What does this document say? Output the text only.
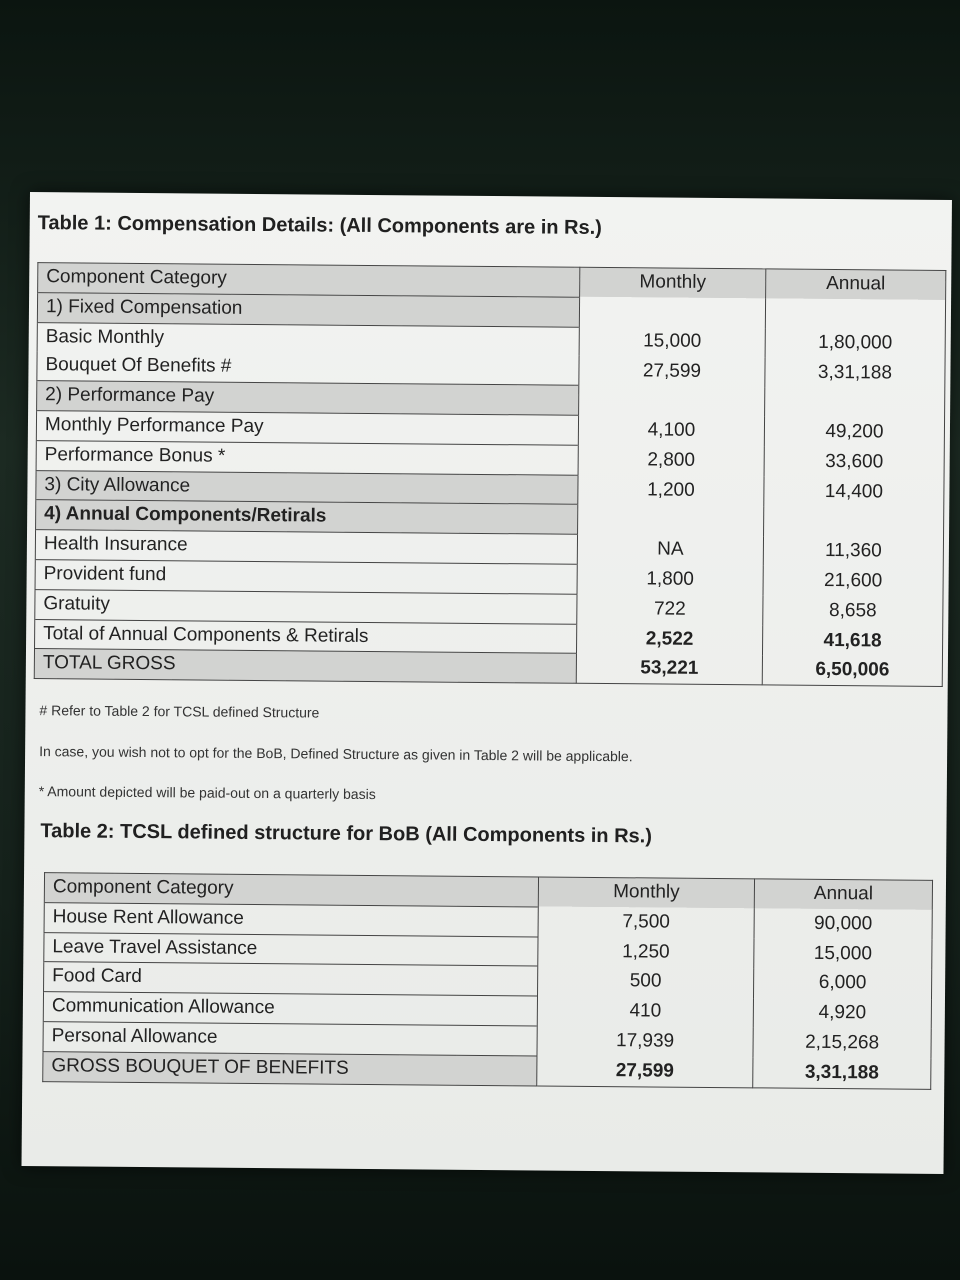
Table 1: Compensation Details: (All Components are in Rs.)
Component Category	Monthly	Annual
1) Fixed Compensation		
Basic Monthly	15,000	1,80,000
Bouquet Of Benefits #	27,599	3,31,188
2) Performance Pay		
Monthly Performance Pay	4,100	49,200
Performance Bonus *	2,800	33,600
3) City Allowance	1,200	14,400
4) Annual Components/Retirals		
Health Insurance	NA	11,360
Provident fund	1,800	21,600
Gratuity	722	8,658
Total of Annual Components & Retirals	2,522	41,618
TOTAL GROSS	53,221	6,50,006
# Refer to Table 2 for TCSL defined Structure
In case, you wish not to opt for the BoB, Defined Structure as given in Table 2 will be applicable.
* Amount depicted will be paid-out on a quarterly basis
Table 2: TCSL defined structure for BoB (All Components in Rs.)
Component Category	Monthly	Annual
House Rent Allowance	7,500	90,000
Leave Travel Assistance	1,250	15,000
Food Card	500	6,000
Communication Allowance	410	4,920
Personal Allowance	17,939	2,15,268
GROSS BOUQUET OF BENEFITS	27,599	3,31,188
